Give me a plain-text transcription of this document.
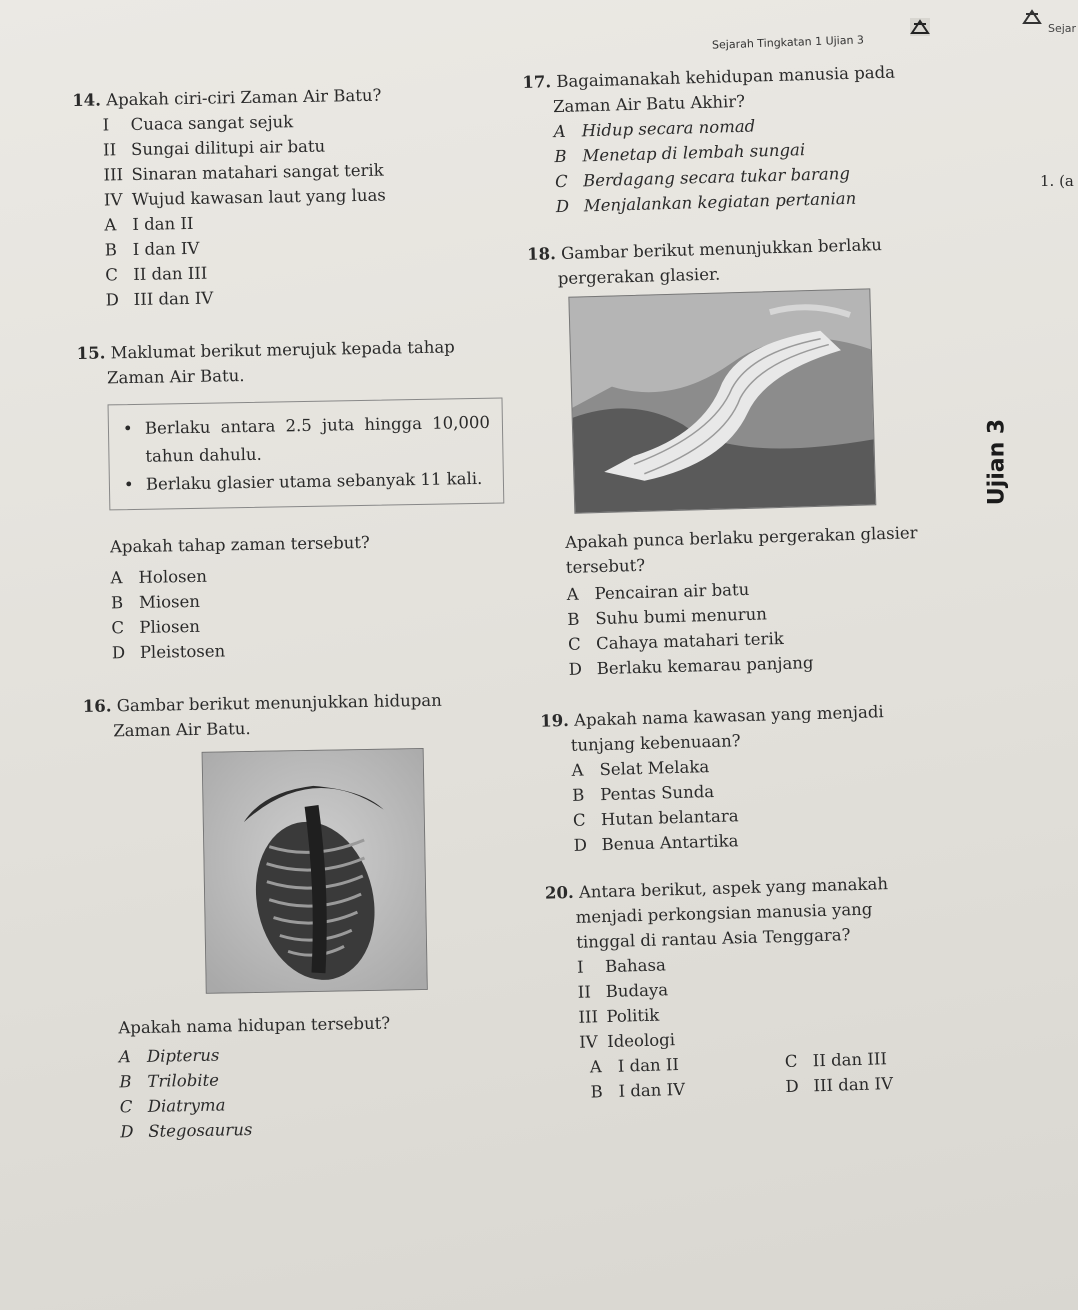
Sejarah Tingkatan 1 Ujian 3
Sejar
1. (a
Ujian 3

14. Apakah ciri-ciri Zaman Air Batu?

I Cuaca sangat sejuk

II Sungai dilitupi air batu

III Sinaran matahari sangat terik

IV Wujud kawasan laut yang luas

A I dan II

B I dan IV

C II dan III

D III dan IV

15. Maklumat berikut merujuk kepada tahap

Zaman Air Batu.

• Berlaku antara 2.5 juta hingga 10,000 tahun dahulu.
• Berlaku glasier utama sebanyak 11 kali.

Apakah tahap zaman tersebut?

A Holosen

B Miosen

C Pliosen

D Pleistosen

16. Gambar berikut menunjukkan hidupan

Zaman Air Batu.

Apakah nama hidupan tersebut?

A Dipterus

B Trilobite

C Diatryma

D Stegosaurus

17. Bagaimanakah kehidupan manusia pada

Zaman Air Batu Akhir?

A Hidup secara nomad

B Menetap di lembah sungai

C Berdagang secara tukar barang

D Menjalankan kegiatan pertanian

18. Gambar berikut menunjukkan berlaku

pergerakan glasier.

Apakah punca berlaku pergerakan glasier

tersebut?

A Pencairan air batu

B Suhu bumi menurun

C Cahaya matahari terik

D Berlaku kemarau panjang

19. Apakah nama kawasan yang menjadi

tunjang kebenuaan?

A Selat Melaka

B Pentas Sunda

C Hutan belantara

D Benua Antartika

20. Antara berikut, aspek yang manakah

menjadi perkongsian manusia yang

tinggal di rantau Asia Tenggara?

I Bahasa

II Budaya

III Politik

IV Ideologi

A I dan II	C II dan III

B I dan IV	D III dan IV
